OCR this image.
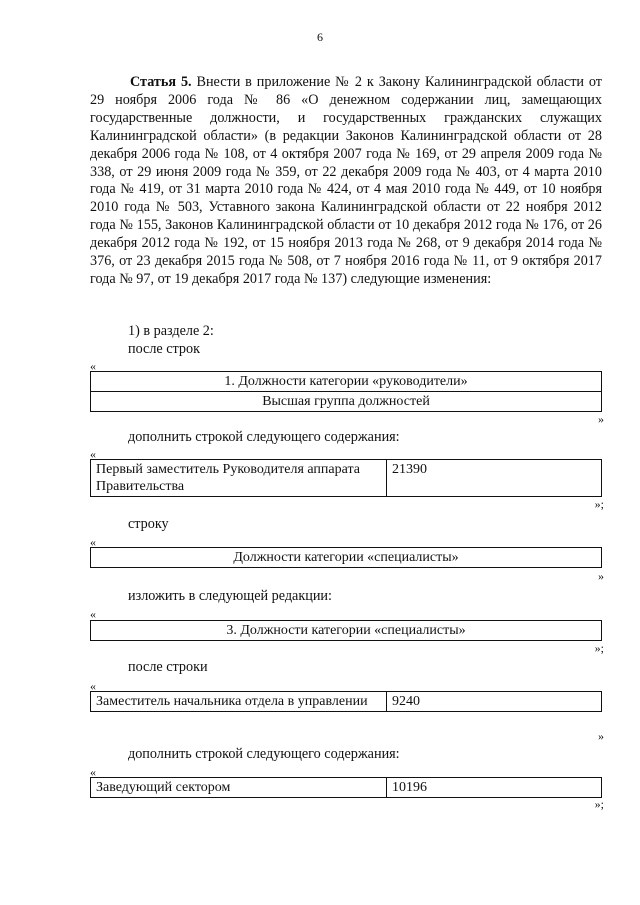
6

Статья 5. Внести в приложение № 2 к Закону Калининградской области от 29 ноября 2006 года № 86 «О денежном содержании лиц, замещающих государственные должности, и государственных гражданских служащих Калининградской области» (в редакции Законов Калининградской области от 28 декабря 2006 года № 108, от 4 октября 2007 года № 169, от 29 апреля 2009 года № 338, от 29 июня 2009 года № 359, от 22 декабря 2009 года № 403, от 4 марта 2010 года № 419, от 31 марта 2010 года № 424, от 4 мая 2010 года № 449, от 10 ноября 2010 года № 503, Уставного закона Калининградской области от 22 ноября 2012 года № 155, Законов Калининградской области от 10 декабря 2012 года № 176, от 26 декабря 2012 года № 192, от 15 ноября 2013 года № 268, от 9 декабря 2014 года № 376, от 23 декабря 2015 года № 508, от 7 ноября 2016 года № 11, от 9 октября 2017 года № 97, от 19 декабря 2017 года № 137) следующие изменения:

1) в разделе 2:
после строк
«
1. Должности категории «руководители»
Высшая группа должностей
»
дополнить строкой следующего содержания:
«
Первый заместитель Руководителя аппарата Правительства	21390
»;
строку
«
Должности категории «специалисты»
»
изложить в следующей редакции:
«
3. Должности категории «специалисты»
»;
после строки
«
Заместитель начальника отдела в управлении	9240
»
дополнить строкой следующего содержания:
«
Заведующий сектором	10196
»;
